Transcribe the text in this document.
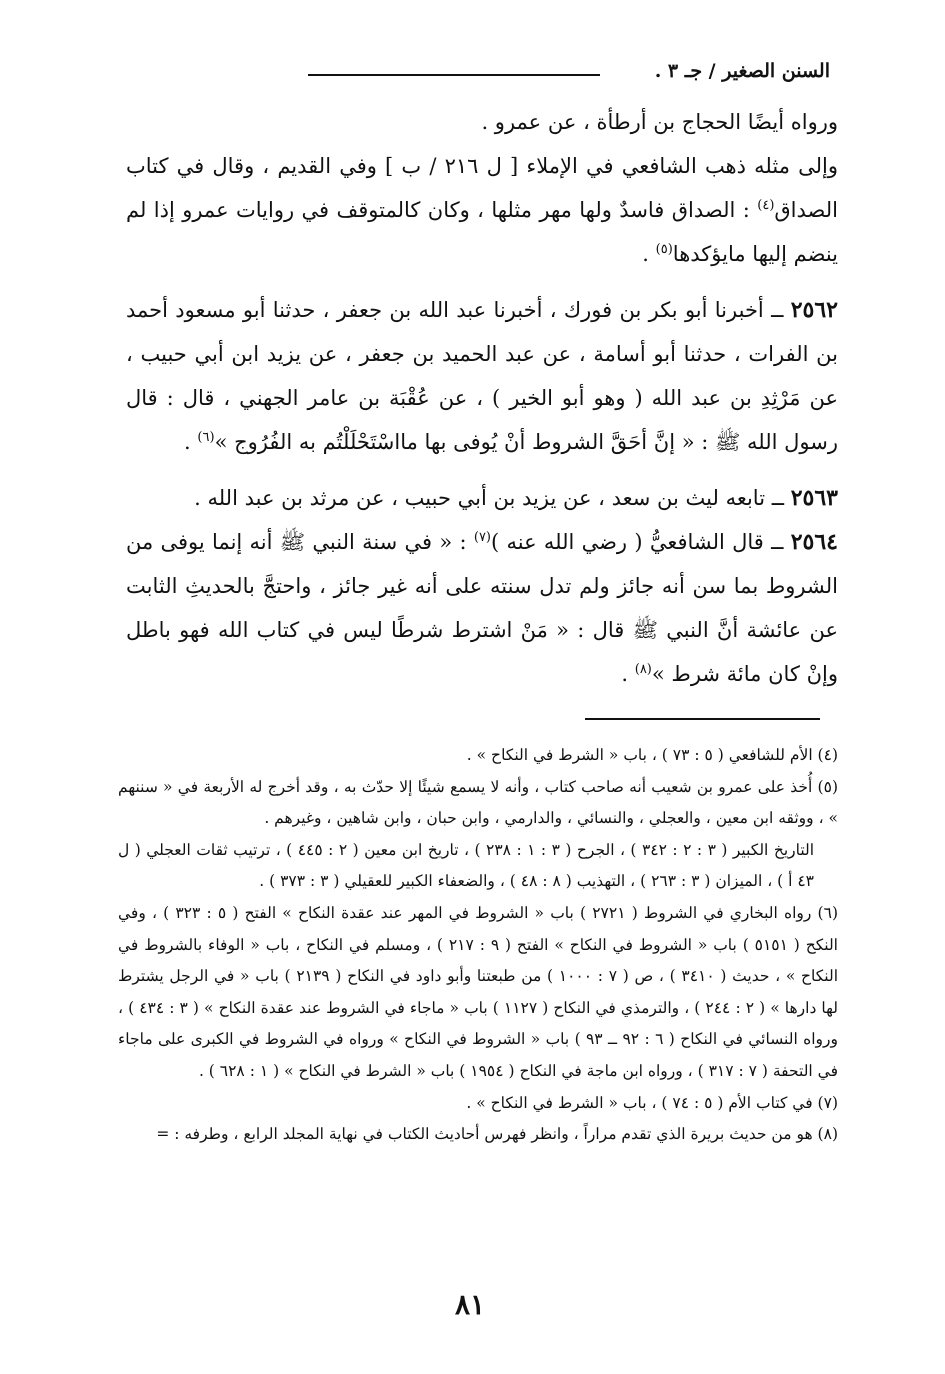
السنن الصغير / جـ ٣ .

ورواه أيضًا الحجاج بن أرطأة ، عن عمرو .

وإلى مثله ذهب الشافعي في الإملاء [ ل ٢١٦ / ب ] وفي القديم ، وقال في كتاب الصداق$^{(٤)}$ : الصداق فاسدٌ ولها مهر مثلها ، وكان كالمتوقف في روايات عمرو إذا لم ينضم إليها مايؤكدها$^{(٥)}$ .

٢٥٦٢ ــ أخبرنا أبو بكر بن فورك ، أخبرنا عبد الله بن جعفر ، حدثنا أبو مسعود أحمد بن الفرات ، حدثنا أبو أسامة ، عن عبد الحميد بن جعفر ، عن يزيد ابن أبي حبيب ، عن مَرْثِدِ بن عبد الله ( وهو أبو الخير ) ، عن عُقْبَة بن عامر الجهني ، قال : قال رسول الله ﷺ : « إنَّ أحَقَّ الشروط أنْ يُوفى بها مااسْتَحْلَلْتُم به الفُرُوج »$^{(٦)}$ .

٢٥٦٣ ــ تابعه ليث بن سعد ، عن يزيد بن أبي حبيب ، عن مرثد بن عبد الله .

٢٥٦٤ ــ قال الشافعيُّ ( رضي الله عنه )$^{(٧)}$ : « في سنة النبي ﷺ أنه إنما يوفى من الشروط بما سن أنه جائز ولم تدل سنته على أنه غير جائز ، واحتجَّ بالحديثِ الثابت عن عائشة أنَّ النبي ﷺ قال : « مَنْ اشترط شرطًا ليس في كتاب الله فهو باطل وإنْ كان مائة شرط »$^{(٨)}$ .

(٤) الأم للشافعي ( ٥ : ٧٣ ) ، باب « الشرط في النكاح » .

(٥) أُخذ على عمرو بن شعيب أنه صاحب كتاب ، وأنه لا يسمع شيئًا إلا حدّث به ، وقد أخرج له الأربعة في « سننهم » ، ووثقه ابن معين ، والعجلي ، والنسائي ، والدارمي ، وابن حبان ، وابن شاهين ، وغيرهم .

التاريخ الكبير ( ٣ : ٢ : ٣٤٢ ) ، الجرح ( ٣ : ١ : ٢٣٨ ) ، تاريخ ابن معين ( ٢ : ٤٤٥ ) ، ترتيب ثقات العجلي ( ل ٤٣ أ ) ، الميزان ( ٣ : ٢٦٣ ) ، التهذيب ( ٨ : ٤٨ ) ، والضعفاء الكبير للعقيلي ( ٣ : ٣٧٣ ) .

(٦) رواه البخاري في الشروط ( ٢٧٢١ ) باب « الشروط في المهر عند عقدة النكاح » الفتح ( ٥ : ٣٢٣ ) ، وفي النكح ( ٥١٥١ ) باب « الشروط في النكاح » الفتح ( ٩ : ٢١٧ ) ، ومسلم في النكاح ، باب « الوفاء بالشروط في النكاح » ، حديث ( ٣٤١٠ ) ، ص ( ٧ : ١٠٠٠ ) من طبعتنا وأبو داود في النكاح ( ٢١٣٩ ) باب « في الرجل يشترط لها دارها » ( ٢ : ٢٤٤ ) ، والترمذي في النكاح ( ١١٢٧ ) باب « ماجاء في الشروط عند عقدة النكاح » ( ٣ : ٤٣٤ ) ، ورواه النسائي في النكاح ( ٦ : ٩٢ ــ ٩٣ ) باب « الشروط في النكاح » ورواه في الشروط في الكبرى على ماجاء في التحفة ( ٧ : ٣١٧ ) ، ورواه ابن ماجة في النكاح ( ١٩٥٤ ) باب « الشرط في النكاح » ( ١ : ٦٢٨ ) .

(٧) في كتاب الأم ( ٥ : ٧٤ ) ، باب « الشرط في النكاح » .

(٨) هو من حديث بريرة الذي تقدم مراراً ، وانظر فهرس أحاديث الكتاب في نهاية المجلد الرابع ، وطرفه : =

٨١
